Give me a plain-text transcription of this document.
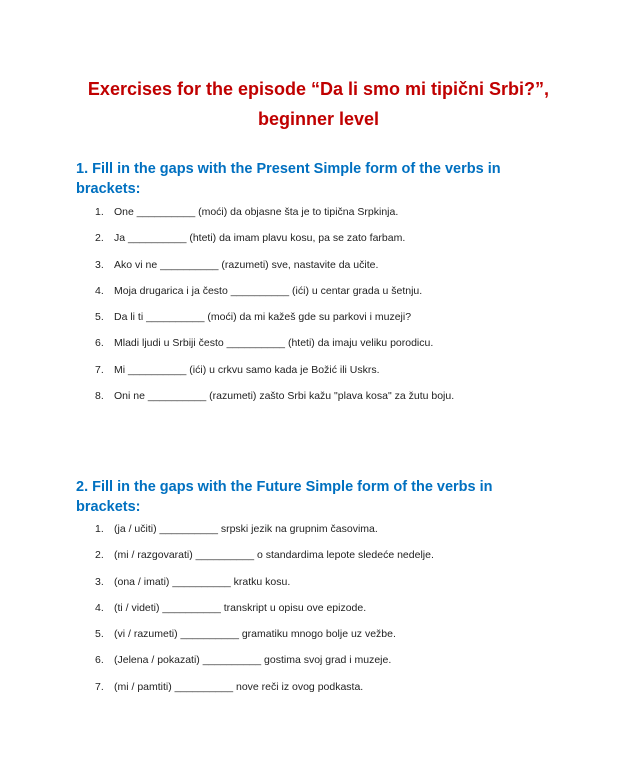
Exercises for the episode “Da li smo mi tipični Srbi?”,
beginner level
1. Fill in the gaps with the Present Simple form of the verbs in
brackets:
1. One __________ (moći) da objasne šta je to tipična Srpkinja.
2. Ja __________ (hteti) da imam plavu kosu, pa se zato farbam.
3. Ako vi ne __________ (razumeti) sve, nastavite da učite.
4. Moja drugarica i ja često __________ (ići) u centar grada u šetnju.
5. Da li ti __________ (moći) da mi kažeš gde su parkovi i muzeji?
6. Mladi ljudi u Srbiji često __________ (hteti) da imaju veliku porodicu.
7. Mi __________ (ići) u crkvu samo kada je Božić ili Uskrs.
8. Oni ne __________ (razumeti) zašto Srbi kažu "plava kosa" za žutu boju.
2. Fill in the gaps with the Future Simple form of the verbs in
brackets:
1. (ja / učiti) __________ srpski jezik na grupnim časovima.
2. (mi / razgovarati) __________ o standardima lepote sledeće nedelje.
3. (ona / imati) __________ kratku kosu.
4. (ti / videti) __________ transkript u opisu ove epizode.
5. (vi / razumeti) __________ gramatiku mnogo bolje uz vežbe.
6. (Jelena / pokazati) __________ gostima svoj grad i muzeje.
7. (mi / pamtiti) __________ nove reči iz ovog podkasta.
